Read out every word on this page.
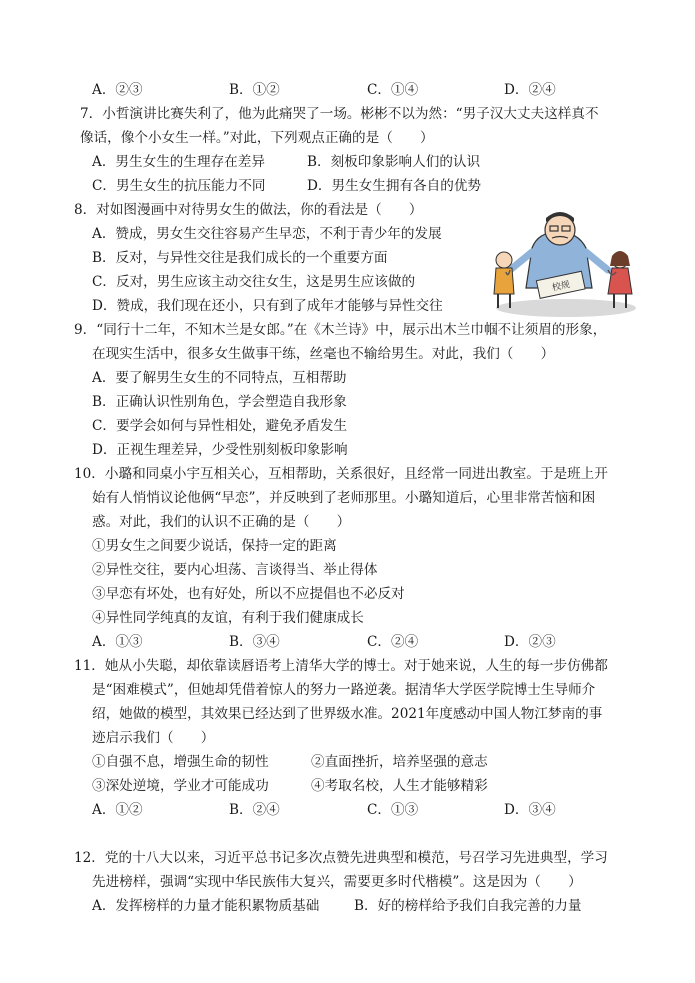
A．②③	B．①②	C．①④	D．②④
7．小哲演讲比赛失利了，他为此痛哭了一场。彬彬不以为然：“男子汉大丈夫这样真不
像话，像个小女生一样。”对此，下列观点正确的是（　　）
A．男生女生的生理存在差异	B．刻板印象影响人们的认识
C．男生女生的抗压能力不同	D．男生女生拥有各自的优势
8．对如图漫画中对待男女生的做法，你的看法是（　　）
A．赞成，男女生交往容易产生早恋，不利于青少年的发展
B．反对，与异性交往是我们成长的一个重要方面
C．反对，男生应该主动交往女生，这是男生应该做的
D．赞成，我们现在还小，只有到了成年才能够与异性交往
校规
9．“同行十二年，不知木兰是女郎。”在《木兰诗》中，展示出木兰巾帼不让须眉的形象，
在现实生活中，很多女生做事干练，丝毫也不输给男生。对此，我们（　　）
A．要了解男生女生的不同特点，互相帮助
B．正确认识性别角色，学会塑造自我形象
C．要学会如何与异性相处，避免矛盾发生
D．正视生理差异，少受性别刻板印象影响
10．小璐和同桌小宇互相关心，互相帮助，关系很好，且经常一同进出教室。于是班上开
始有人悄悄议论他俩“早恋”，并反映到了老师那里。小璐知道后，心里非常苦恼和困
惑。对此，我们的认识不正确的是（　　）
①男女生之间要少说话，保持一定的距离
②异性交往，要内心坦荡、言谈得当、举止得体
③早恋有坏处，也有好处，所以不应提倡也不必反对
④异性同学纯真的友谊，有利于我们健康成长
A．①③	B．③④	C．②④	D．②③
11．她从小失聪，却依靠读唇语考上清华大学的博士。对于她来说，人生的每一步仿佛都
是“困难模式”，但她却凭借着惊人的努力一路逆袭。据清华大学医学院博士生导师介
绍，她做的模型，其效果已经达到了世界级水准。2021年度感动中国人物江梦南的事
迹启示我们（　　）
①自强不息，增强生命的韧性	②直面挫折，培养坚强的意志
③深处逆境，学业才可能成功	④考取名校，人生才能够精彩
A．①②	B．②④	C．①③	D．③④
12．党的十八大以来，习近平总书记多次点赞先进典型和模范，号召学习先进典型，学习
先进榜样，强调“实现中华民族伟大复兴，需要更多时代楷模”。这是因为（　　）
A．发挥榜样的力量才能积累物质基础	B．好的榜样给予我们自我完善的力量
